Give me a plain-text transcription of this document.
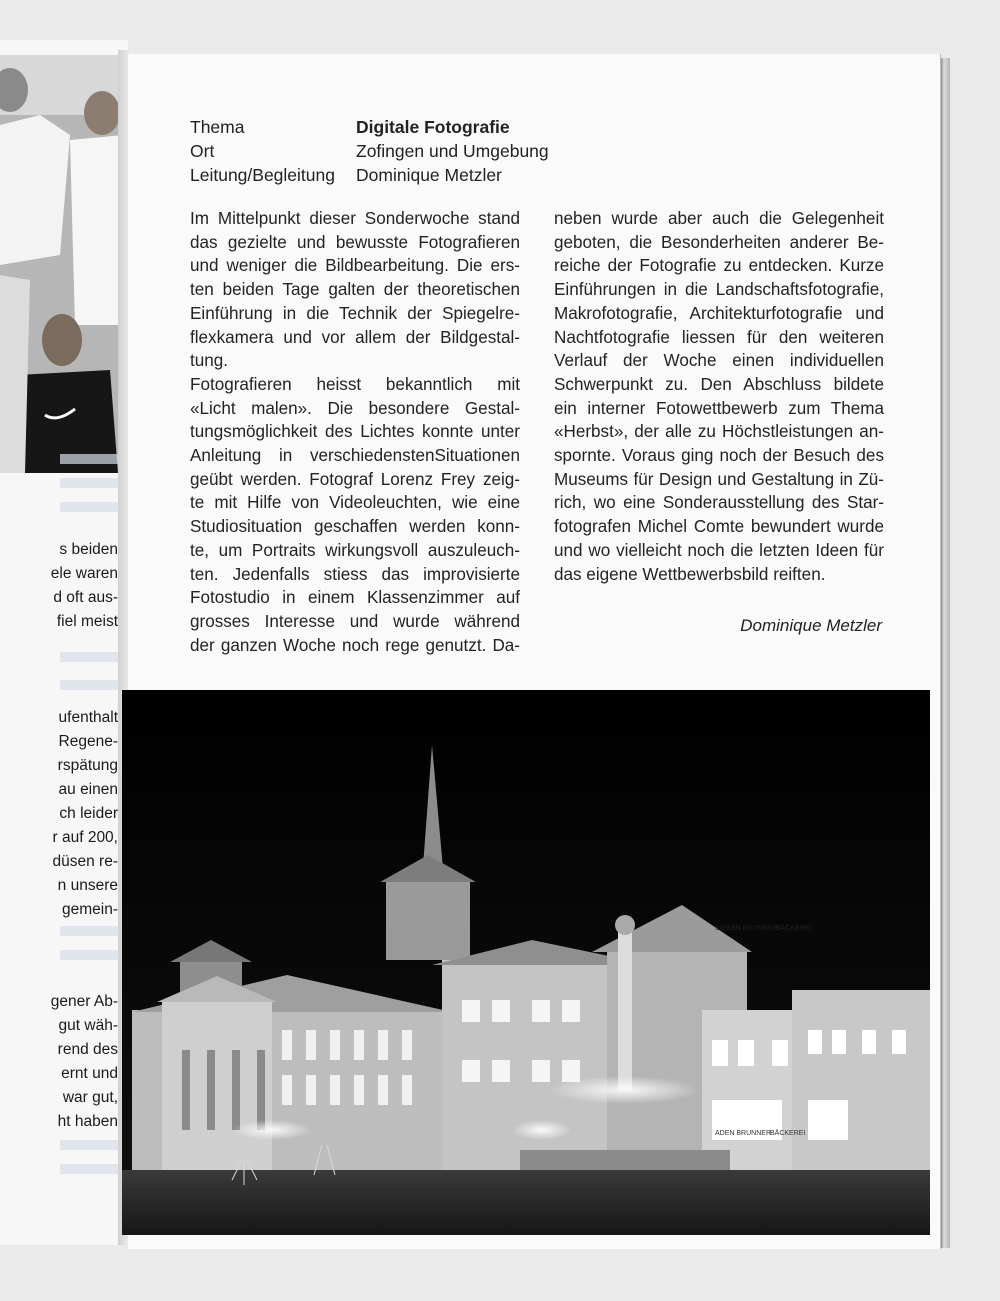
s beiden
ele waren
d oft aus-
fiel meist
ufenthalt
Regene-
rspätung
au einen
ch leider
r auf 200,
düsen re-
n unsere
gemein-
gener Ab-
gut wäh-
rend des
ernt und
war gut,
ht haben
Thema	Digitale Fotografie
Ort	Zofingen und Umgebung
Leitung/Begleitung Dominique Metzler

Im Mittelpunkt dieser Sonderwoche stand

das gezielte und bewusste Fotografieren

und weniger die Bildbearbeitung. Die ers-

ten beiden Tage galten der theoretischen

Einführung in die Technik der Spiegelre-

flexkamera und vor allem der Bildgestal-

tung.

Fotografieren heisst bekanntlich mit

«Licht malen». Die besondere Gestal-

tungsmöglichkeit des Lichtes konnte unter

Anleitung in verschiedenstenSituationen

geübt werden. Fotograf Lorenz Frey zeig-

te mit Hilfe von Videoleuchten, wie eine

Studiosituation geschaffen werden konn-

te, um Portraits wirkungsvoll auszuleuch-

ten. Jedenfalls stiess das improvisierte

Fotostudio in einem Klassenzimmer auf

grosses Interesse und wurde während

der ganzen Woche noch rege genutzt. Da-

neben wurde aber auch die Gelegenheit

geboten, die Besonderheiten anderer Be-

reiche der Fotografie zu entdecken. Kurze

Einführungen in die Landschaftsfotografie,

Makrofotografie, Architekturfotografie und

Nachtfotografie liessen für den weiteren

Verlauf der Woche einen individuellen

Schwerpunkt zu. Den Abschluss bildete

ein interner Fotowettbewerb zum Thema

«Herbst», der alle zu Höchstleistungen an-

spornte. Voraus ging noch der Besuch des

Museums für Design und Gestaltung in Zü-

rich, wo eine Sonderausstellung des Star-

fotografen Michel Comte bewundert wurde

und wo vielleicht noch die letzten Ideen für

das eigene Wettbewerbsbild reiften.

Dominique Metzler
ADEN BRUNNER
BÄCKEREI
SIEBEN BRUNNER
BÄCKEREI
